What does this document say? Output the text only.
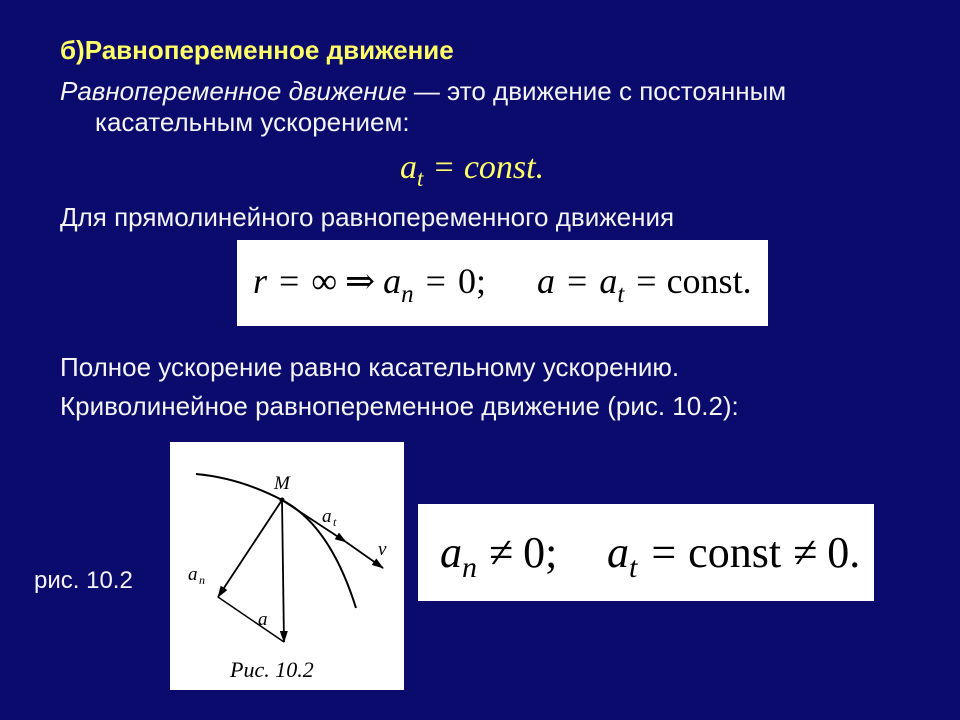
б)Равнопеременное движение
Равнопеременное движение — это движение с постоянным
касательным ускорением:
$a_t$ = const.
Для прямолинейного равнопеременного движения
r = ∞ ⇒ a n = 0; a = a t = const.
Полное ускорение равно касательному ускорению.
Криволинейное равнопеременное движение (рис. 10.2):
M
a t
v
a n
a
Рис. 10.2
рис. 10.2
a n ≠ 0; a t = const ≠ 0.
